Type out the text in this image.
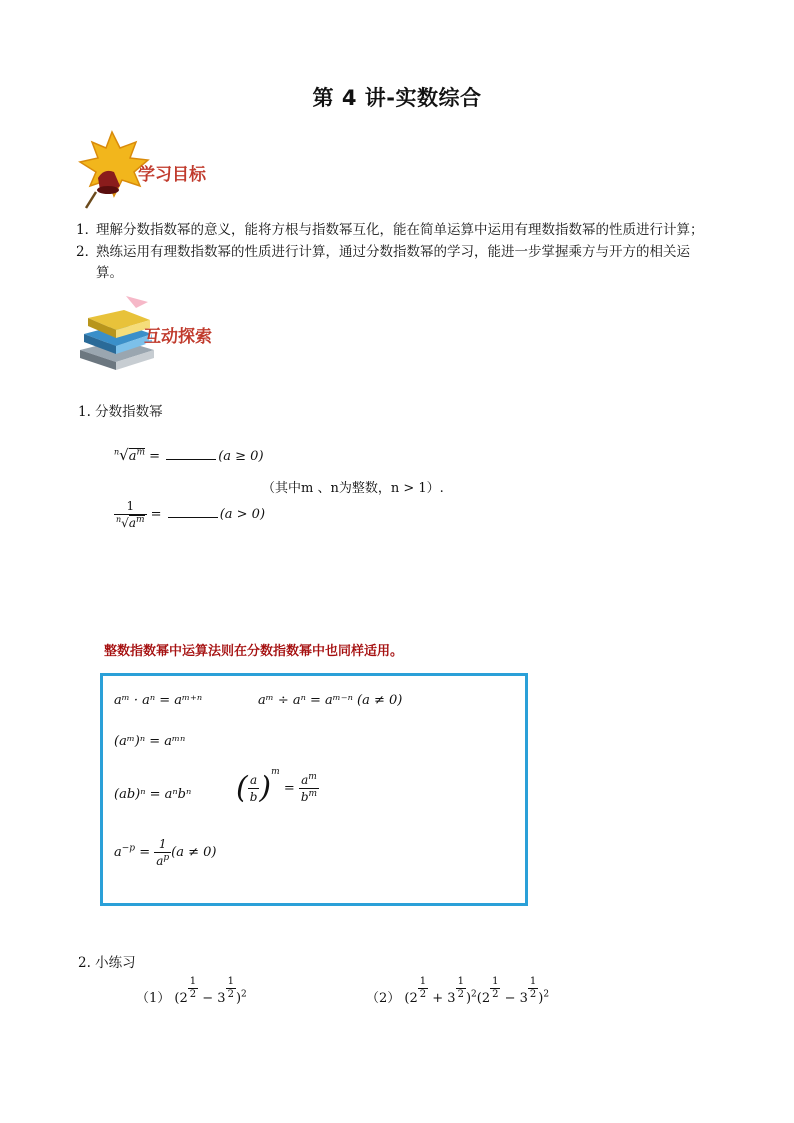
第 4 讲-实数综合
学习目标
1．理解分数指数幂的意义，能将方根与指数幂互化，能在简单运算中运用有理数指数幂的性质进行计算；
2．熟练运用有理数指数幂的性质进行计算，通过分数指数幂的学习，能进一步掌握乘方与开方的相关运
算。
互动探索
1. 分数指数幂
$^n√a^m$ =	(a ≥ 0)
（其中m 、n为整数，n > 1）.
$\frac{1}{^n√a^m}$ =	(a > 0)
整数指数幂中运算法则在分数指数幂中也同样适用。
aᵐ · aⁿ = aᵐ⁺ⁿ	aᵐ ÷ aⁿ = aᵐ⁻ⁿ (a ≠ 0)
(aᵐ)ⁿ = aᵐⁿ
(ab)ⁿ = aⁿbⁿ ( $\frac{a}{b} )^m = \frac{a^m}{b^m}$
$a^{-p} = \frac{1}{a^p} (a \ne 0)$
2. 小练习
（1） $(2 \frac{1}{2} - 3 \frac{1}{2} )^2$	（2） $(2 \frac{1}{2} + 3 \frac{1}{2} )^2(2 \frac{1}{2} - 3 \frac{1}{2} )^2$
